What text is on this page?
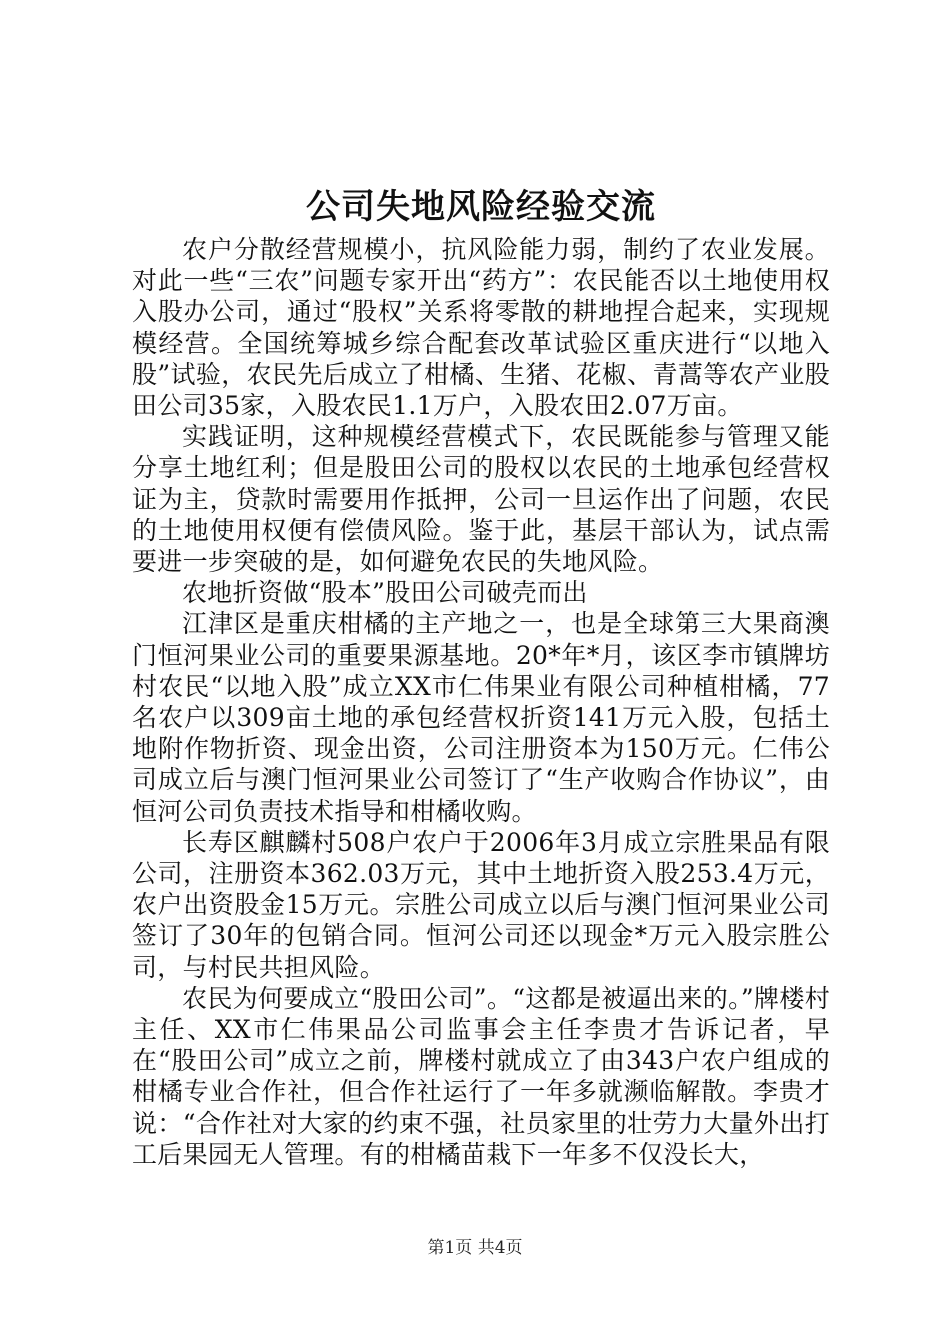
公司失地风险经验交流

农户分散经营规模小，抗风险能力弱，制约了农业发展。对此一些“三农”问题专家开出“药方”：农民能否以土地使用权入股办公司，通过“股权”关系将零散的耕地捏合起来，实现规模经营。全国统筹城乡综合配套改革试验区重庆进行“以地入股”试验，农民先后成立了柑橘、生猪、花椒、青蒿等农产业股田公司35家，入股农民1.1万户，入股农田2.07万亩。

实践证明，这种规模经营模式下，农民既能参与管理又能分享土地红利；但是股田公司的股权以农民的土地承包经营权证为主，贷款时需要用作抵押，公司一旦运作出了问题，农民的土地使用权便有偿债风险。鉴于此，基层干部认为，试点需要进一步突破的是，如何避免农民的失地风险。

农地折资做“股本”股田公司破壳而出

江津区是重庆柑橘的主产地之一，也是全球第三大果商澳门恒河果业公司的重要果源基地。20*年*月，该区李市镇牌坊村农民“以地入股”成立XX市仁伟果业有限公司种植柑橘，77名农户以309亩土地的承包经营权折资141万元入股，包括土地附作物折资、现金出资，公司注册资本为150万元。仁伟公司成立后与澳门恒河果业公司签订了“生产收购合作协议”，由恒河公司负责技术指导和柑橘收购。

长寿区麒麟村508户农户于2006年3月成立宗胜果品有限公司，注册资本362.03万元，其中土地折资入股253.4万元，农户出资股金15万元。宗胜公司成立以后与澳门恒河果业公司签订了30年的包销合同。恒河公司还以现金*万元入股宗胜公司，与村民共担风险。

农民为何要成立“股田公司”。“这都是被逼出来的。”牌楼村主任、XX市仁伟果品公司监事会主任李贵才告诉记者，早在“股田公司”成立之前，牌楼村就成立了由343户农户组成的柑橘专业合作社，但合作社运行了一年多就濒临解散。李贵才说：“合作社对大家的约束不强，社员家里的壮劳力大量外出打工后果园无人管理。有的柑橘苗栽下一年多不仅没长大，

第1页 共4页
